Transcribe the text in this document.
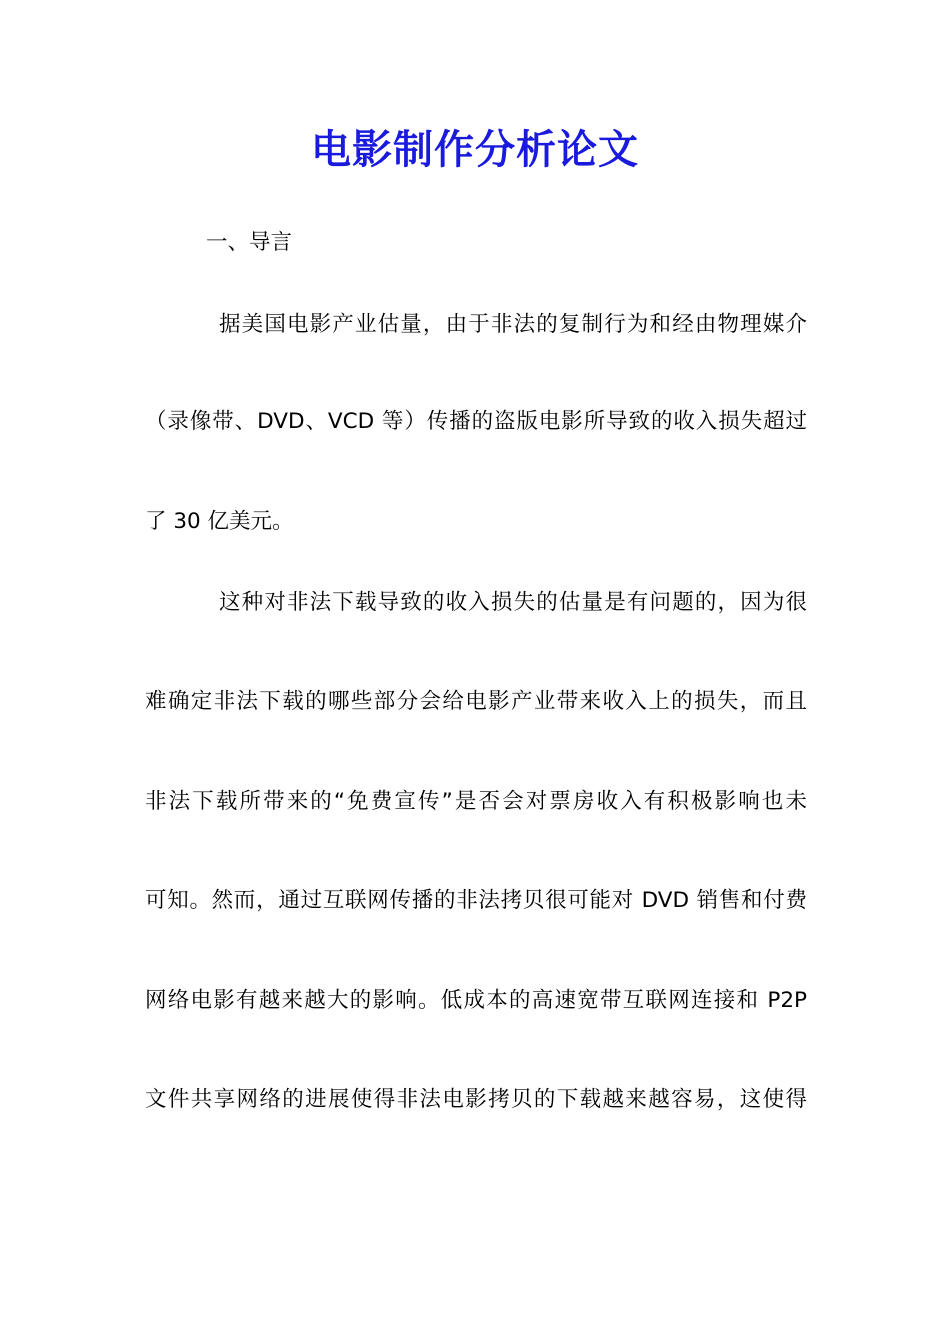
电影制作分析论文

一、导言

据美国电影产业估量，由于非法的复制行为和经由物理媒介

（录像带、DVD、VCD 等）传播的盗版电影所导致的收入损失超过

了 30 亿美元。

这种对非法下载导致的收入损失的估量是有问题的，因为很

难确定非法下载的哪些部分会给电影产业带来收入上的损失，而且

非法下载所带来的“免费宣传”是否会对票房收入有积极影响也未

可知。然而，通过互联网传播的非法拷贝很可能对 DVD 销售和付费

网络电影有越来越大的影响。低成本的高速宽带互联网连接和 P2P

文件共享网络的进展使得非法电影拷贝的下载越来越容易，这使得
